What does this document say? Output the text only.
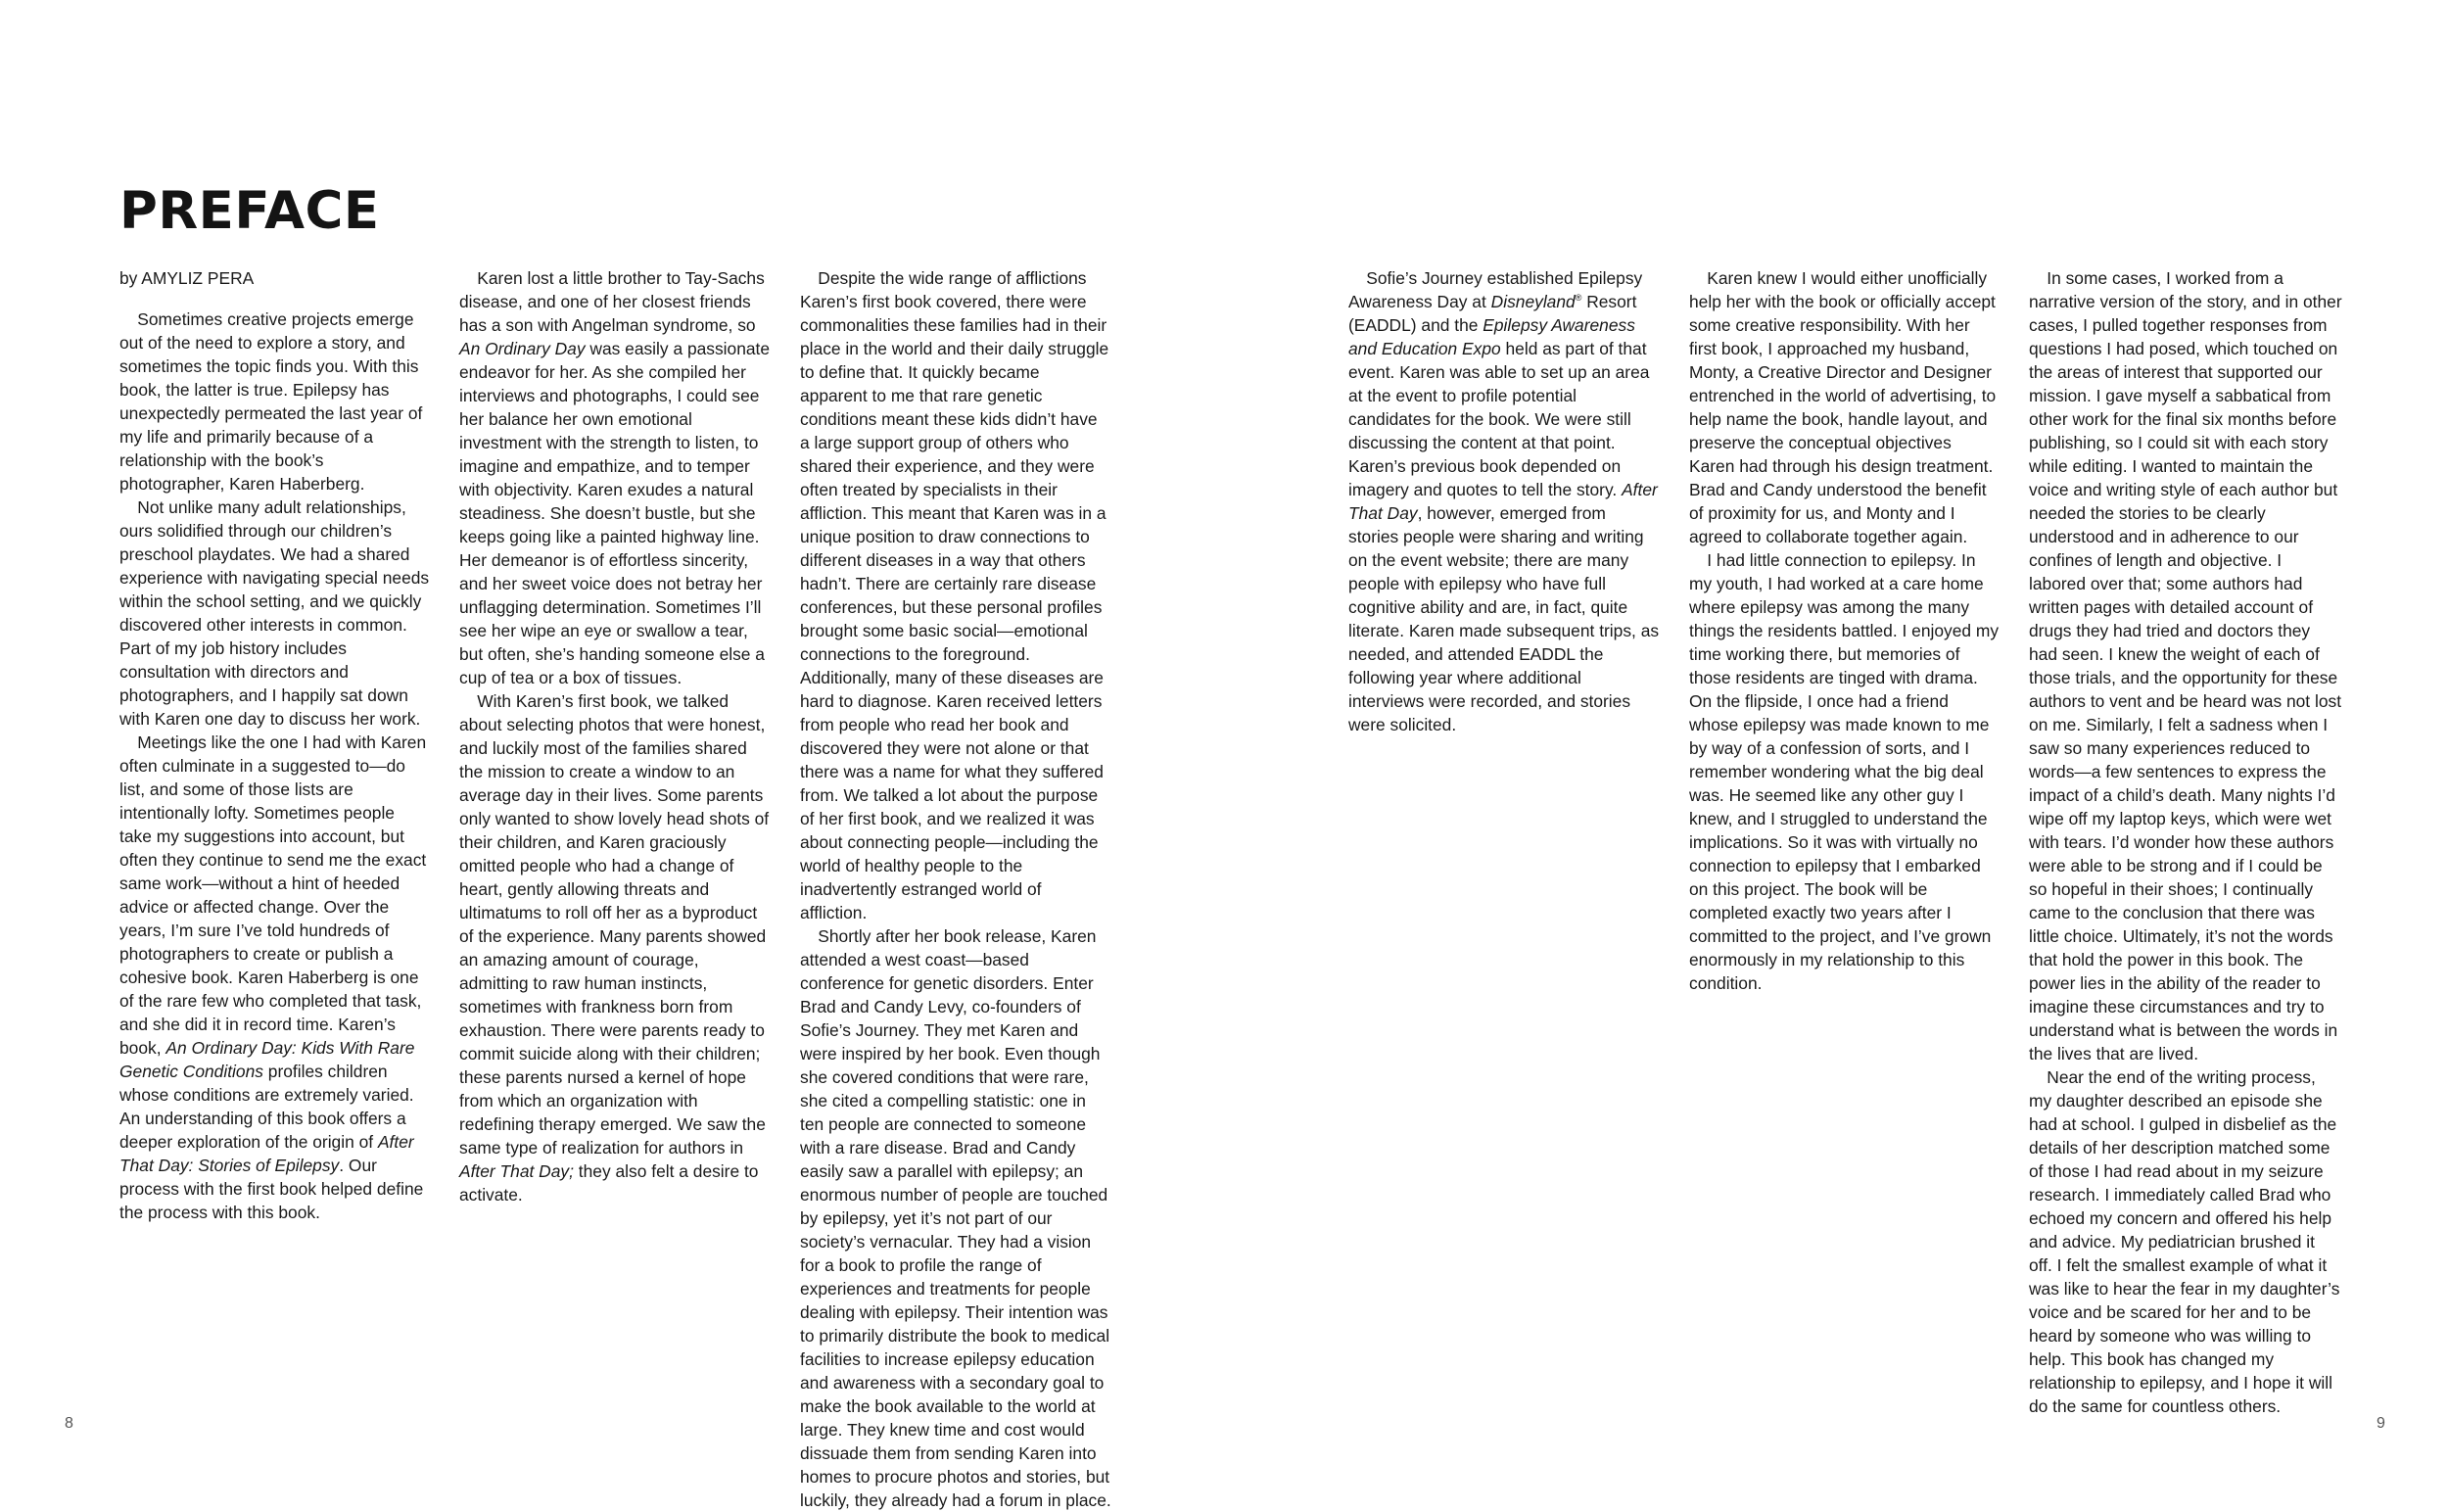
PREFACE

by AMYLIZ PERA

Sometimes creative projects emerge out of the need to explore a story, and sometimes the topic finds you. With this book, the latter is true. Epilepsy has unexpectedly permeated the last year of my life and primarily because of a relationship with the book’s photographer, Karen Haberberg.

Not unlike many adult relationships, ours solidified through our children’s preschool playdates. We had a shared experience with navigating special needs within the school setting, and we quickly discovered other interests in common. Part of my job history includes consultation with directors and photographers, and I happily sat down with Karen one day to discuss her work.

Meetings like the one I had with Karen often culminate in a suggested to—do list, and some of those lists are intentionally lofty. Sometimes people take my suggestions into account, but often they continue to send me the exact same work—without a hint of heeded advice or affected change. Over the years, I’m sure I’ve told hundreds of photographers to create or publish a cohesive book. Karen Haberberg is one of the rare few who completed that task, and she did it in record time. Karen’s book, An Ordinary Day: Kids With Rare Genetic Conditions profiles children whose conditions are extremely varied. An understanding of this book offers a deeper exploration of the origin of After That Day: Stories of Epilepsy. Our process with the first book helped define the process with this book.

Karen lost a little brother to Tay-Sachs disease, and one of her closest friends has a son with Angelman syndrome, so An Ordinary Day was easily a passionate endeavor for her. As she compiled her interviews and photographs, I could see her balance her own emotional investment with the strength to listen, to imagine and empathize, and to temper with objectivity. Karen exudes a natural steadiness. She doesn’t bustle, but she keeps going like a painted highway line. Her demeanor is of effortless sincerity, and her sweet voice does not betray her unflagging determination. Sometimes I’ll see her wipe an eye or swallow a tear, but often, she’s handing someone else a cup of tea or a box of tissues.

With Karen’s first book, we talked about selecting photos that were honest, and luckily most of the families shared the mission to create a window to an average day in their lives. Some parents only wanted to show lovely head shots of their children, and Karen graciously omitted people who had a change of heart, gently allowing threats and ultimatums to roll off her as a byproduct of the experience. Many parents showed an amazing amount of courage, admitting to raw human instincts, sometimes with frankness born from exhaustion. There were parents ready to commit suicide along with their children; these parents nursed a kernel of hope from which an organization with redefining therapy emerged. We saw the same type of realization for authors in After That Day; they also felt a desire to activate.

Despite the wide range of afflictions Karen’s first book covered, there were commonalities these families had in their place in the world and their daily struggle to define that. It quickly became apparent to me that rare genetic conditions meant these kids didn’t have a large support group of others who shared their experience, and they were often treated by specialists in their affliction. This meant that Karen was in a unique position to draw connections to different diseases in a way that others hadn’t. There are certainly rare disease conferences, but these personal profiles brought some basic social—emotional connections to the foreground. Additionally, many of these diseases are hard to diagnose. Karen received letters from people who read her book and discovered they were not alone or that there was a name for what they suffered from. We talked a lot about the purpose of her first book, and we realized it was about connecting people—including the world of healthy people to the inadvertently estranged world of affliction.

Shortly after her book release, Karen attended a west coast—based conference for genetic disorders. Enter Brad and Candy Levy, co-founders of Sofie’s Journey. They met Karen and were inspired by her book. Even though she covered conditions that were rare, she cited a compelling statistic: one in ten people are connected to someone with a rare disease. Brad and Candy easily saw a parallel with epilepsy; an enormous number of people are touched by epilepsy, yet it’s not part of our society’s vernacular. They had a vision for a book to profile the range of experiences and treatments for people dealing with epilepsy. Their intention was to primarily distribute the book to medical facilities to increase epilepsy education and awareness with a secondary goal to make the book available to the world at large. They knew time and cost would dissuade them from sending Karen into homes to procure photos and stories, but luckily, they already had a forum in place.

Sofie’s Journey established Epilepsy Awareness Day at Disneyland® Resort (EADDL) and the Epilepsy Awareness and Education Expo held as part of that event. Karen was able to set up an area at the event to profile potential candidates for the book. We were still discussing the content at that point. Karen’s previous book depended on imagery and quotes to tell the story. After That Day, however, emerged from stories people were sharing and writing on the event website; there are many people with epilepsy who have full cognitive ability and are, in fact, quite literate. Karen made subsequent trips, as needed, and attended EADDL the following year where additional interviews were recorded, and stories were solicited.

Karen knew I would either unofficially help her with the book or officially accept some creative responsibility. With her first book, I approached my husband, Monty, a Creative Director and Designer entrenched in the world of advertising, to help name the book, handle layout, and preserve the conceptual objectives Karen had through his design treatment. Brad and Candy understood the benefit of proximity for us, and Monty and I agreed to collaborate together again.

I had little connection to epilepsy. In my youth, I had worked at a care home where epilepsy was among the many things the residents battled. I enjoyed my time working there, but memories of those residents are tinged with drama. On the flipside, I once had a friend whose epilepsy was made known to me by way of a confession of sorts, and I remember wondering what the big deal was. He seemed like any other guy I knew, and I struggled to understand the implications. So it was with virtually no connection to epilepsy that I embarked on this project. The book will be completed exactly two years after I committed to the project, and I’ve grown enormously in my relationship to this condition.

In some cases, I worked from a narrative version of the story, and in other cases, I pulled together responses from questions I had posed, which touched on the areas of interest that supported our mission. I gave myself a sabbatical from other work for the final six months before publishing, so I could sit with each story while editing. I wanted to maintain the voice and writing style of each author but needed the stories to be clearly understood and in adherence to our confines of length and objective. I labored over that; some authors had written pages with detailed account of drugs they had tried and doctors they had seen. I knew the weight of each of those trials, and the opportunity for these authors to vent and be heard was not lost on me. Similarly, I felt a sadness when I saw so many experiences reduced to words—a few sentences to express the impact of a child’s death. Many nights I’d wipe off my laptop keys, which were wet with tears. I’d wonder how these authors were able to be strong and if I could be so hopeful in their shoes; I continually came to the conclusion that there was little choice. Ultimately, it’s not the words that hold the power in this book. The power lies in the ability of the reader to imagine these circumstances and try to understand what is between the words in the lives that are lived.

Near the end of the writing process, my daughter described an episode she had at school. I gulped in disbelief as the details of her description matched some of those I had read about in my seizure research. I immediately called Brad who echoed my concern and offered his help and advice. My pediatrician brushed it off. I felt the smallest example of what it was like to hear the fear in my daughter’s voice and be scared for her and to be heard by someone who was willing to help. This book has changed my relationship to epilepsy, and I hope it will do the same for countless others.

8	9
